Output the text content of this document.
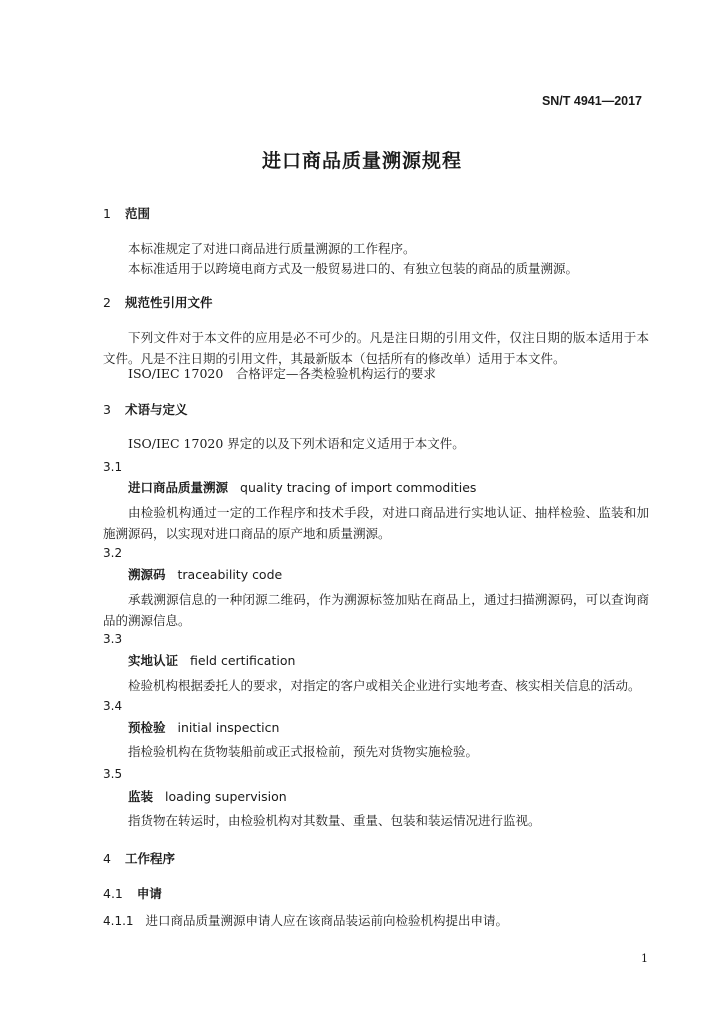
SN/T 4941—2017
进口商品质量溯源规程
1 范围
本标准规定了对进口商品进行质量溯源的工作程序。
本标准适用于以跨境电商方式及一般贸易进口的、有独立包装的商品的质量溯源。
2 规范性引用文件
下列文件对于本文件的应用是必不可少的。凡是注日期的引用文件，仅注日期的版本适用于本文件。凡是不注日期的引用文件，其最新版本（包括所有的修改单）适用于本文件。
ISO/IEC 17020　合格评定—各类检验机构运行的要求
3 术语与定义
ISO/IEC 17020 界定的以及下列术语和定义适用于本文件。
3.1
进口商品质量溯源 quality tracing of import commodities
由检验机构通过一定的工作程序和技术手段，对进口商品进行实地认证、抽样检验、监装和加施溯源码，以实现对进口商品的原产地和质量溯源。
3.2
溯源码 traceability code
承载溯源信息的一种闭源二维码，作为溯源标签加贴在商品上，通过扫描溯源码，可以查询商品的溯源信息。
3.3
实地认证 field certification
检验机构根据委托人的要求，对指定的客户或相关企业进行实地考查、核实相关信息的活动。
3.4
预检验 initial inspecticn
指检验机构在货物装船前或正式报检前，预先对货物实施检验。
3.5
监装 loading supervision
指货物在转运时，由检验机构对其数量、重量、包装和装运情况进行监视。
4 工作程序
4.1 申请
4.1.1 进口商品质量溯源申请人应在该商品装运前向检验机构提出申请。
1
